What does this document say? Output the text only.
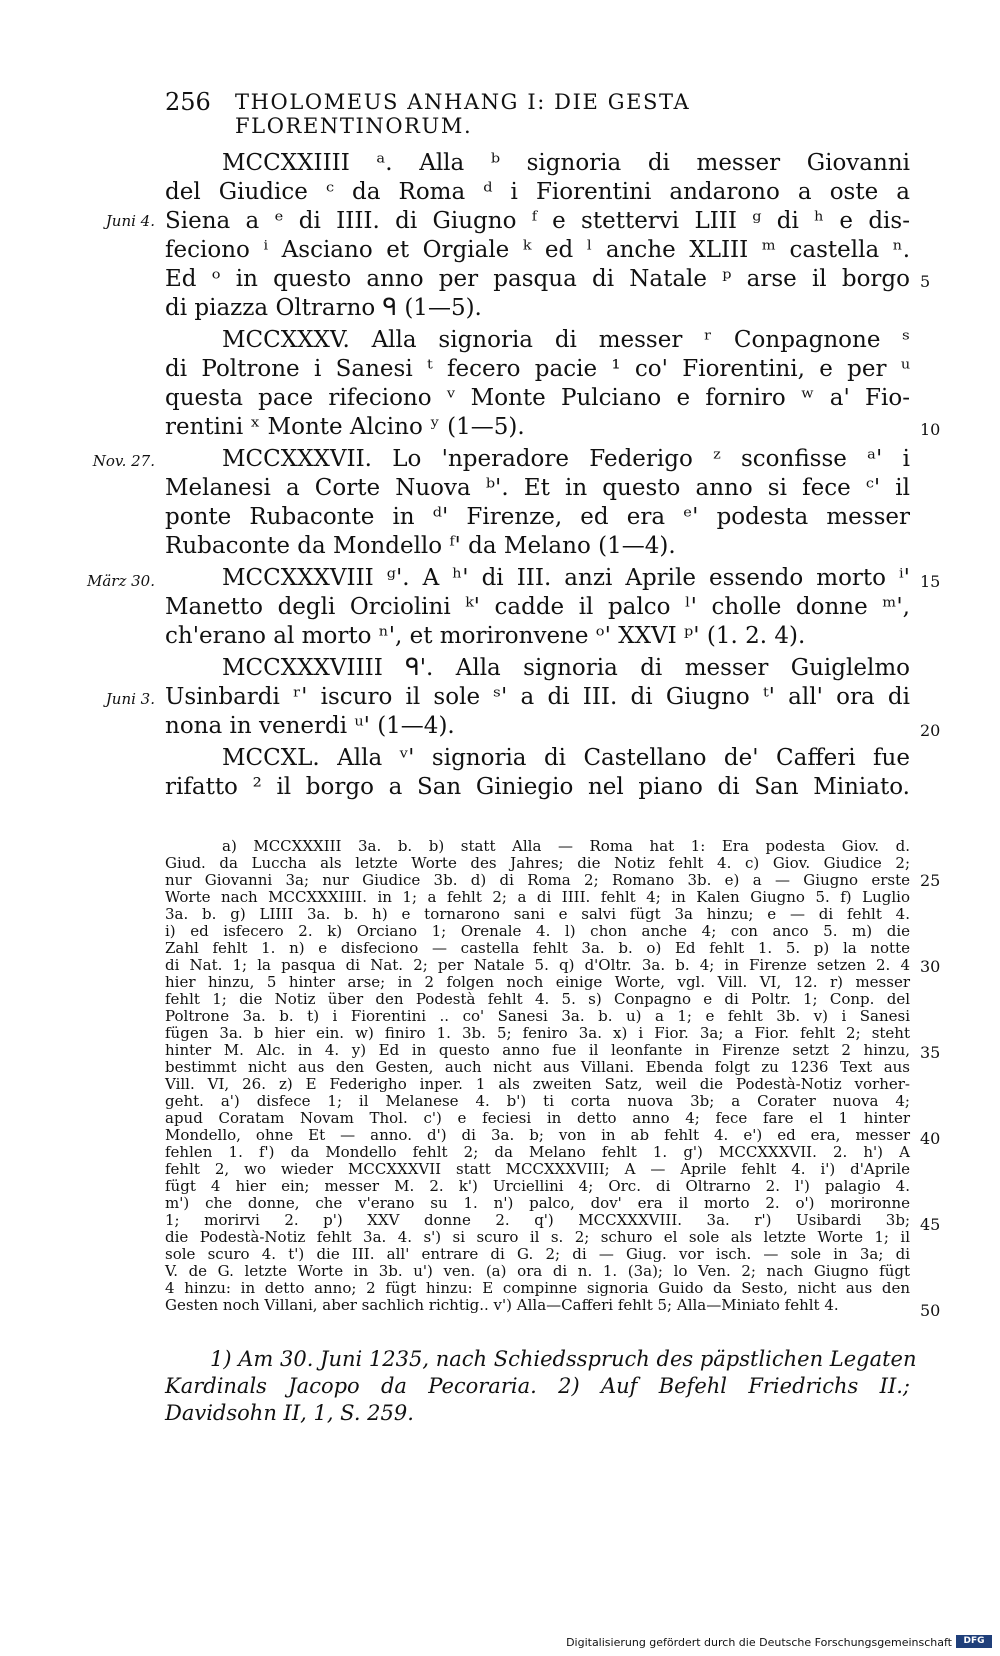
256 THOLOMEUS ANHANG I: DIE GESTA FLORENTINORUM.
MCCXXIIII ᵃ. Alla ᵇ signoria di messer Giovanni
del Giudice ᶜ da Roma ᵈ i Fiorentini andarono a oste a
Siena a ᵉ di IIII. di Giugno ᶠ e stettervi LIII ᵍ di ʰ e dis-
feciono ⁱ Asciano et Orgiale ᵏ ed ˡ anche XLIII ᵐ castella ⁿ.
Ed ᵒ in questo anno per pasqua di Natale ᵖ arse il borgo
di piazza Oltrarno ᑫ (1—5).
MCCXXXV. Alla signoria di messer ʳ Conpagnone ˢ
di Poltrone i Sanesi ᵗ fecero pacie ¹ co' Fiorentini, e per ᵘ
questa pace rifeciono ᵛ Monte Pulciano e forniro ʷ a' Fio-
rentini ˣ Monte Alcino ʸ (1—5).
MCCXXXVII. Lo 'nperadore Federigo ᶻ sconfisse ᵃ' i
Melanesi a Corte Nuova ᵇ'. Et in questo anno si fece ᶜ' il
ponte Rubaconte in ᵈ' Firenze, ed era ᵉ' podesta messer
Rubaconte da Mondello ᶠ' da Melano (1—4).
MCCXXXVIII ᵍ'. A ʰ' di III. anzi Aprile essendo morto ⁱ'
Manetto degli Orciolini ᵏ' cadde il palco ˡ' cholle donne ᵐ',
ch'erano al morto ⁿ', et morironvene ᵒ' XXVI ᵖ' (1. 2. 4).
MCCXXXVIIII ᑫ'. Alla signoria di messer Guiglelmo
Usinbardi ʳ' iscuro il sole ˢ' a di III. di Giugno ᵗ' all' ora di
nona in venerdi ᵘ' (1—4).
MCCXL. Alla ᵛ' signoria di Castellano de' Cafferi fue
rifatto ² il borgo a San Giniegio nel piano di San Miniato.
Juni 4.
Nov. 27.
März 30.
Juni 3.
5
10
15
20
25
30
35
40
45
50
a) MCCXXXIII 3a. b. b) statt Alla — Roma hat 1: Era podesta Giov. d.
Giud. da Luccha als letzte Worte des Jahres; die Notiz fehlt 4. c) Giov. Giudice 2;
nur Giovanni 3a; nur Giudice 3b. d) di Roma 2; Romano 3b. e) a — Giugno erste
Worte nach MCCXXXIIII. in 1; a fehlt 2; a di IIII. fehlt 4; in Kalen Giugno 5. f) Luglio
3a. b. g) LIIII 3a. b. h) e tornarono sani e salvi fügt 3a hinzu; e — di fehlt 4.
i) ed isfecero 2. k) Orciano 1; Orenale 4. l) chon anche 4; con anco 5. m) die
Zahl fehlt 1. n) e disfeciono — castella fehlt 3a. b. o) Ed fehlt 1. 5. p) la notte
di Nat. 1; la pasqua di Nat. 2; per Natale 5. q) d'Oltr. 3a. b. 4; in Firenze setzen 2. 4
hier hinzu, 5 hinter arse; in 2 folgen noch einige Worte, vgl. Vill. VI, 12. r) messer
fehlt 1; die Notiz über den Podestà fehlt 4. 5. s) Conpagno e di Poltr. 1; Conp. del
Poltrone 3a. b. t) i Fiorentini .. co' Sanesi 3a. b. u) a 1; e fehlt 3b. v) i Sanesi
fügen 3a. b hier ein. w) finiro 1. 3b. 5; feniro 3a. x) i Fior. 3a; a Fior. fehlt 2; steht
hinter M. Alc. in 4. y) Ed in questo anno fue il leonfante in Firenze setzt 2 hinzu,
bestimmt nicht aus den Gesten, auch nicht aus Villani. Ebenda folgt zu 1236 Text aus
Vill. VI, 26. z) E Federigho inper. 1 als zweiten Satz, weil die Podestà-Notiz vorher-
geht. a') disfece 1; il Melanese 4. b') ti corta nuova 3b; a Corater nuova 4;
apud Coratam Novam Thol. c') e feciesi in detto anno 4; fece fare el 1 hinter
Mondello, ohne Et — anno. d') di 3a. b; von in ab fehlt 4. e') ed era, messer
fehlen 1. f') da Mondello fehlt 2; da Melano fehlt 1. g') MCCXXXVII. 2. h') A
fehlt 2, wo wieder MCCXXXVII statt MCCXXXVIII; A — Aprile fehlt 4. i') d'Aprile
fügt 4 hier ein; messer M. 2. k') Urciellini 4; Orc. di Oltrarno 2. l') palagio 4.
m') che donne, che v'erano su 1. n') palco, dov' era il morto 2. o') morironne
1; morirvi 2. p') XXV donne 2. q') MCCXXXVIII. 3a. r') Usibardi 3b;
die Podestà-Notiz fehlt 3a. 4. s') si scuro il s. 2; schuro el sole als letzte Worte 1; il
sole scuro 4. t') die III. all' entrare di G. 2; di — Giug. vor isch. — sole in 3a; di
V. de G. letzte Worte in 3b. u') ven. (a) ora di n. 1. (3a); lo Ven. 2; nach Giugno fügt
4 hinzu: in detto anno; 2 fügt hinzu: E compinne signoria Guido da Sesto, nicht aus den
Gesten noch Villani, aber sachlich richtig.. v') Alla—Cafferi fehlt 5; Alla—Miniato fehlt 4.
1) Am 30. Juni 1235, nach Schiedsspruch des päpstlichen Legaten
Kardinals Jacopo da Pecoraria. 2) Auf Befehl Friedrichs II.;
Davidsohn II, 1, S. 259.
Digitalisierung gefördert durch die Deutsche Forschungsgemeinschaft	DFG
